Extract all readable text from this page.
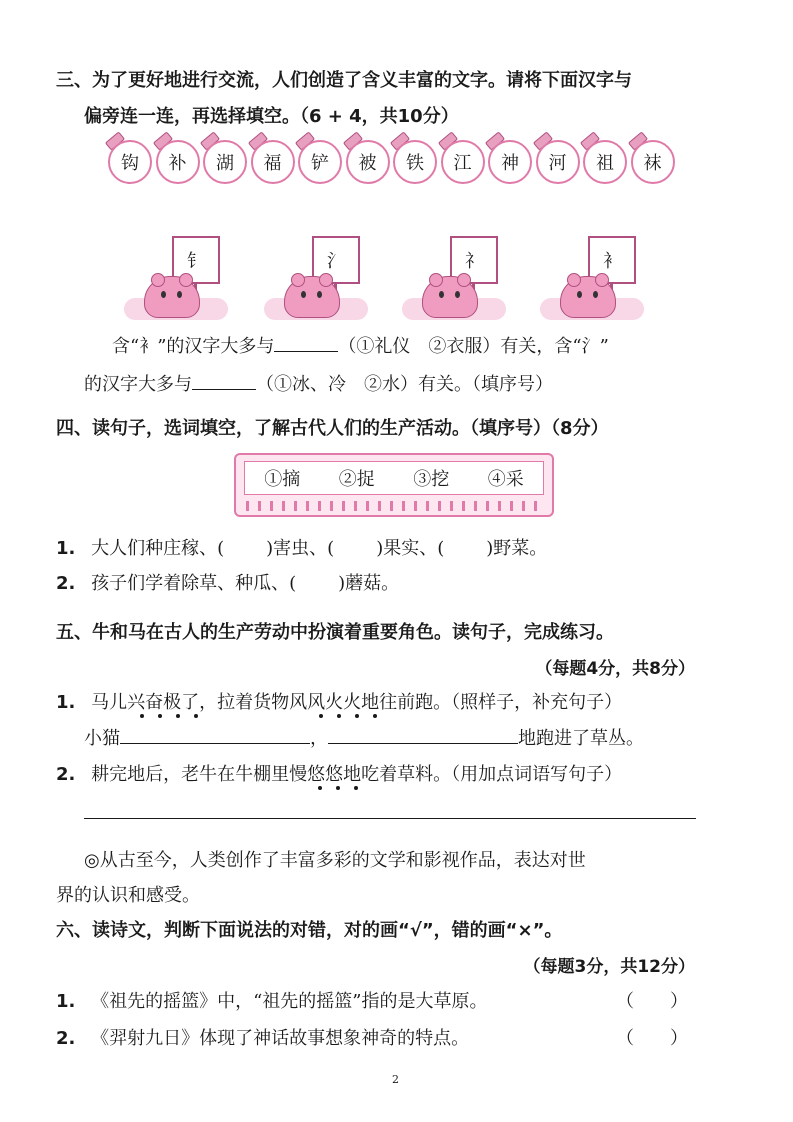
三、为了更好地进行交流，人们创造了含义丰富的文字。请将下面汉字与
偏旁连一连，再选择填空。（6 + 4，共10分）
钩	补	湖	福	铲	被	铁	江	神	河	祖	袜
钅	氵	礻	衤
含“衤”的汉字大多与	（①礼仪　②衣服）有关，含“氵”
的汉字大多与	（①冰、冷　②水）有关。（填序号）
四、读句子，选词填空，了解古代人们的生产活动。（填序号）（8分）
①摘 ②捉 ③挖 ④采
1. 大人们种庄稼、( )害虫、( )果实、( )野菜。
2. 孩子们学着除草、种瓜、( )蘑菇。
五、牛和马在古人的生产劳动中扮演着重要角色。读句子，完成练习。
（每题4分，共8分）
1. 马儿兴奋极了，拉着货物风风火火地往前跑。（照样子，补充句子）
小猫	，	地跑进了草丛。
2. 耕完地后，老牛在牛棚里慢悠悠地吃着草料。（用加点词语写句子）
◎从古至今，人类创作了丰富多彩的文学和影视作品，表达对世
界的认识和感受。
六、读诗文，判断下面说法的对错，对的画“√”，错的画“×”。
（每题3分，共12分）
1. 《祖先的摇篮》中，“祖先的摇篮”指的是大草原。	（　　）
2. 《羿射九日》体现了神话故事想象神奇的特点。	（　　）
2
